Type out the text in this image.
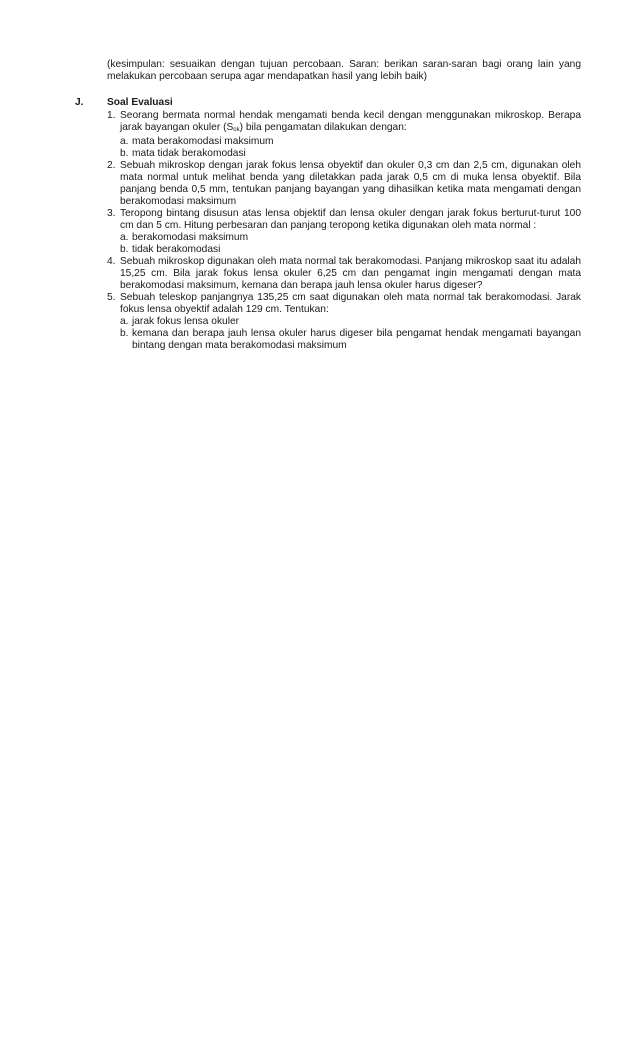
(kesimpulan: sesuaikan dengan tujuan percobaan. Saran: berikan saran-saran bagi orang lain yang melakukan percobaan serupa agar mendapatkan hasil yang lebih baik)

J. Soal Evaluasi
1. Seorang bermata normal hendak mengamati benda kecil dengan menggunakan mikroskop. Berapa jarak bayangan okuler (Sok) bila pengamatan dilakukan dengan:
a. mata berakomodasi maksimum
b. mata tidak berakomodasi
2. Sebuah mikroskop dengan jarak fokus lensa obyektif dan okuler 0,3 cm dan 2,5 cm, digunakan oleh mata normal untuk melihat benda yang diletakkan pada jarak 0,5 cm di muka lensa obyektif. Bila panjang benda 0,5 mm, tentukan panjang bayangan yang dihasilkan ketika mata mengamati dengan berakomodasi maksimum
3. Teropong bintang disusun atas lensa objektif dan lensa okuler dengan jarak fokus berturut-turut 100 cm dan 5 cm. Hitung perbesaran dan panjang teropong ketika digunakan oleh mata normal :
a. berakomodasi maksimum
b. tidak berakomodasi
4. Sebuah mikroskop digunakan oleh mata normal tak berakomodasi. Panjang mikroskop saat itu adalah 15,25 cm. Bila jarak fokus lensa okuler 6,25 cm dan pengamat ingin mengamati dengan mata berakomodasi maksimum, kemana dan berapa jauh lensa okuler harus digeser?
5. Sebuah teleskop panjangnya 135,25 cm saat digunakan oleh mata normal tak berakomodasi. Jarak fokus lensa obyektif adalah 129 cm. Tentukan:
a. jarak fokus lensa okuler
b. kemana dan berapa jauh lensa okuler harus digeser bila pengamat hendak mengamati bayangan bintang dengan mata berakomodasi maksimum
